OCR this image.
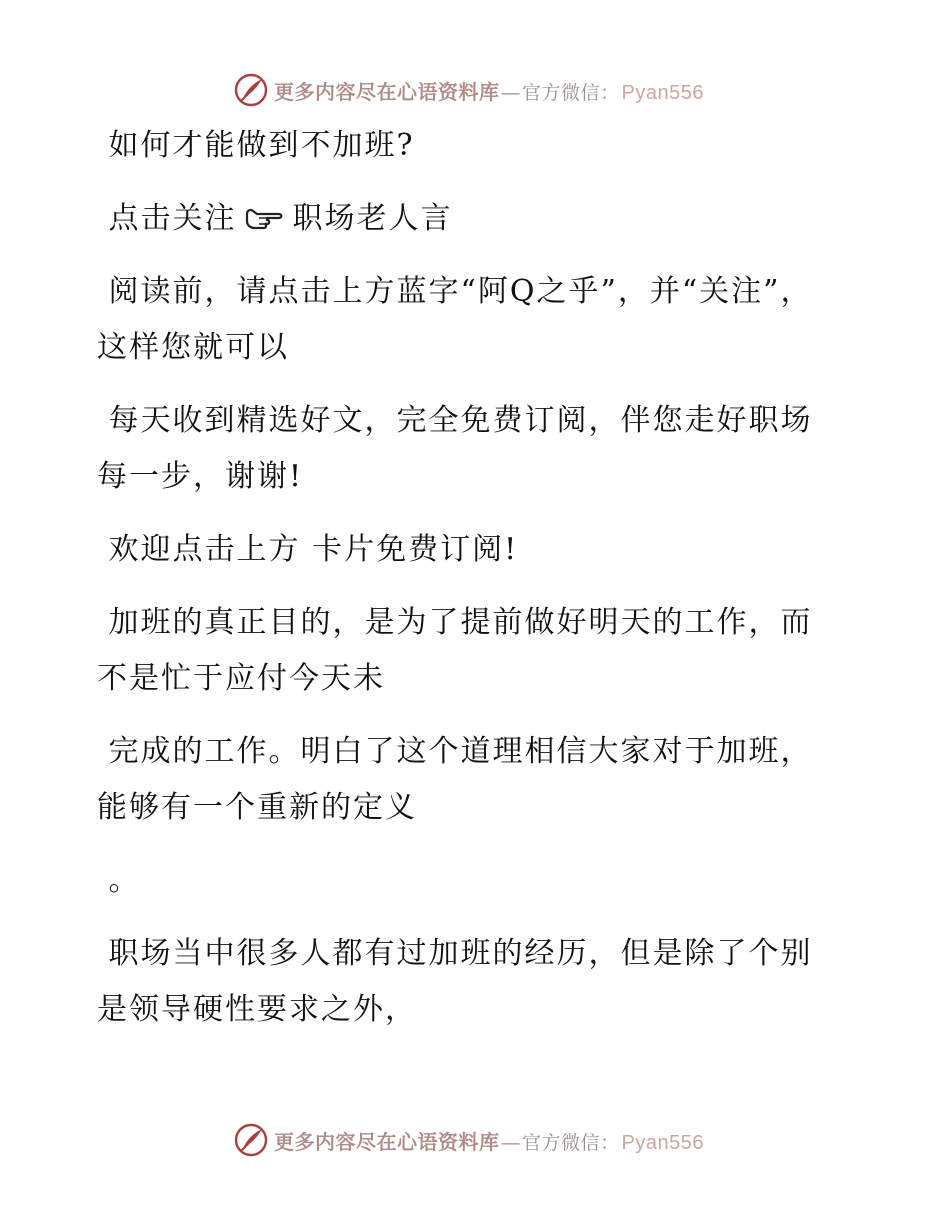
更多内容尽在心语资料库—官方微信： Pyan556

如何才能做到不加班?

点击关注 职场老人言

阅读前，请点击上方蓝字“阿Q之乎”，并“关注”，这样您就可以

每天收到精选好文，完全免费订阅，伴您走好职场每一步，谢谢!

欢迎点击上方 卡片免费订阅!

加班的真正目的，是为了提前做好明天的工作，而不是忙于应付今天未

完成的工作。明白了这个道理相信大家对于加班，能够有一个重新的定义

。

职场当中很多人都有过加班的经历，但是除了个别是领导硬性要求之外，

更多内容尽在心语资料库—官方微信： Pyan556
